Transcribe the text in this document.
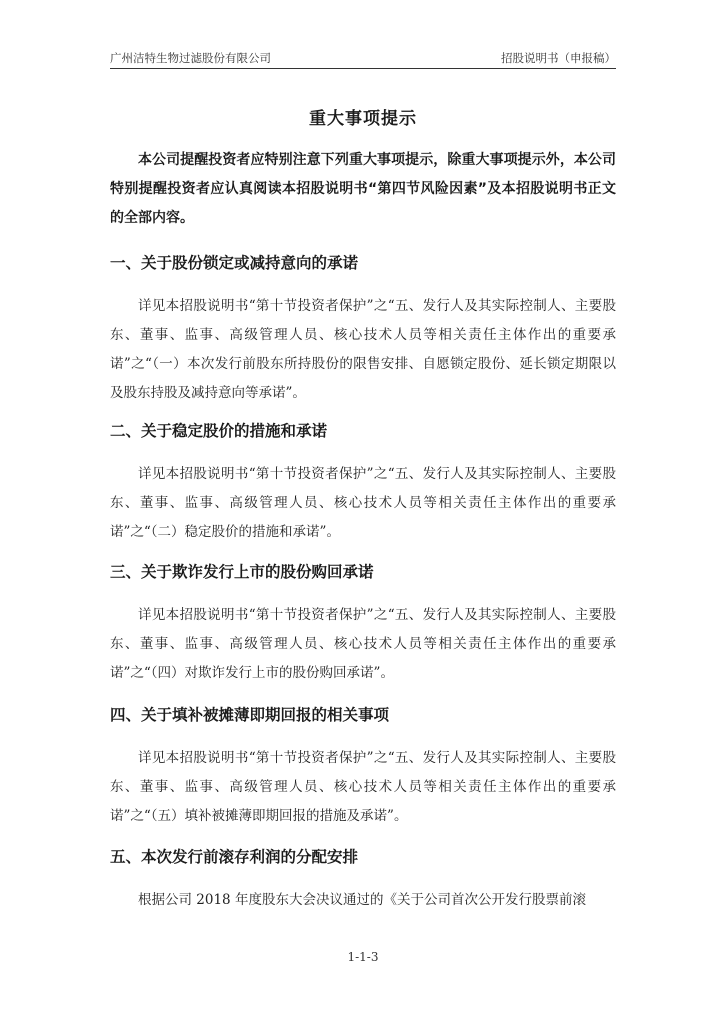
广州洁特生物过滤股份有限公司	招股说明书（申报稿）
重大事项提示
本公司提醒投资者应特别注意下列重大事项提示，除重大事项提示外，本公司特别提醒投资者应认真阅读本招股说明书“第四节风险因素”及本招股说明书正文的全部内容。
一、关于股份锁定或减持意向的承诺

详见本招股说明书“第十节投资者保护”之“五、发行人及其实际控制人、主要股东、董事、监事、高级管理人员、核心技术人员等相关责任主体作出的重要承诺”之“（一）本次发行前股东所持股份的限售安排、自愿锁定股份、延长锁定期限以及股东持股及减持意向等承诺”。

二、关于稳定股价的措施和承诺

详见本招股说明书“第十节投资者保护”之“五、发行人及其实际控制人、主要股东、董事、监事、高级管理人员、核心技术人员等相关责任主体作出的重要承诺”之“（二）稳定股价的措施和承诺”。

三、关于欺诈发行上市的股份购回承诺

详见本招股说明书“第十节投资者保护”之“五、发行人及其实际控制人、主要股东、董事、监事、高级管理人员、核心技术人员等相关责任主体作出的重要承诺”之“（四）对欺诈发行上市的股份购回承诺”。

四、关于填补被摊薄即期回报的相关事项

详见本招股说明书“第十节投资者保护”之“五、发行人及其实际控制人、主要股东、董事、监事、高级管理人员、核心技术人员等相关责任主体作出的重要承诺”之“（五）填补被摊薄即期回报的措施及承诺”。

五、本次发行前滚存利润的分配安排

根据公司 2018 年度股东大会决议通过的《关于公司首次公开发行股票前滚

1-1-3
